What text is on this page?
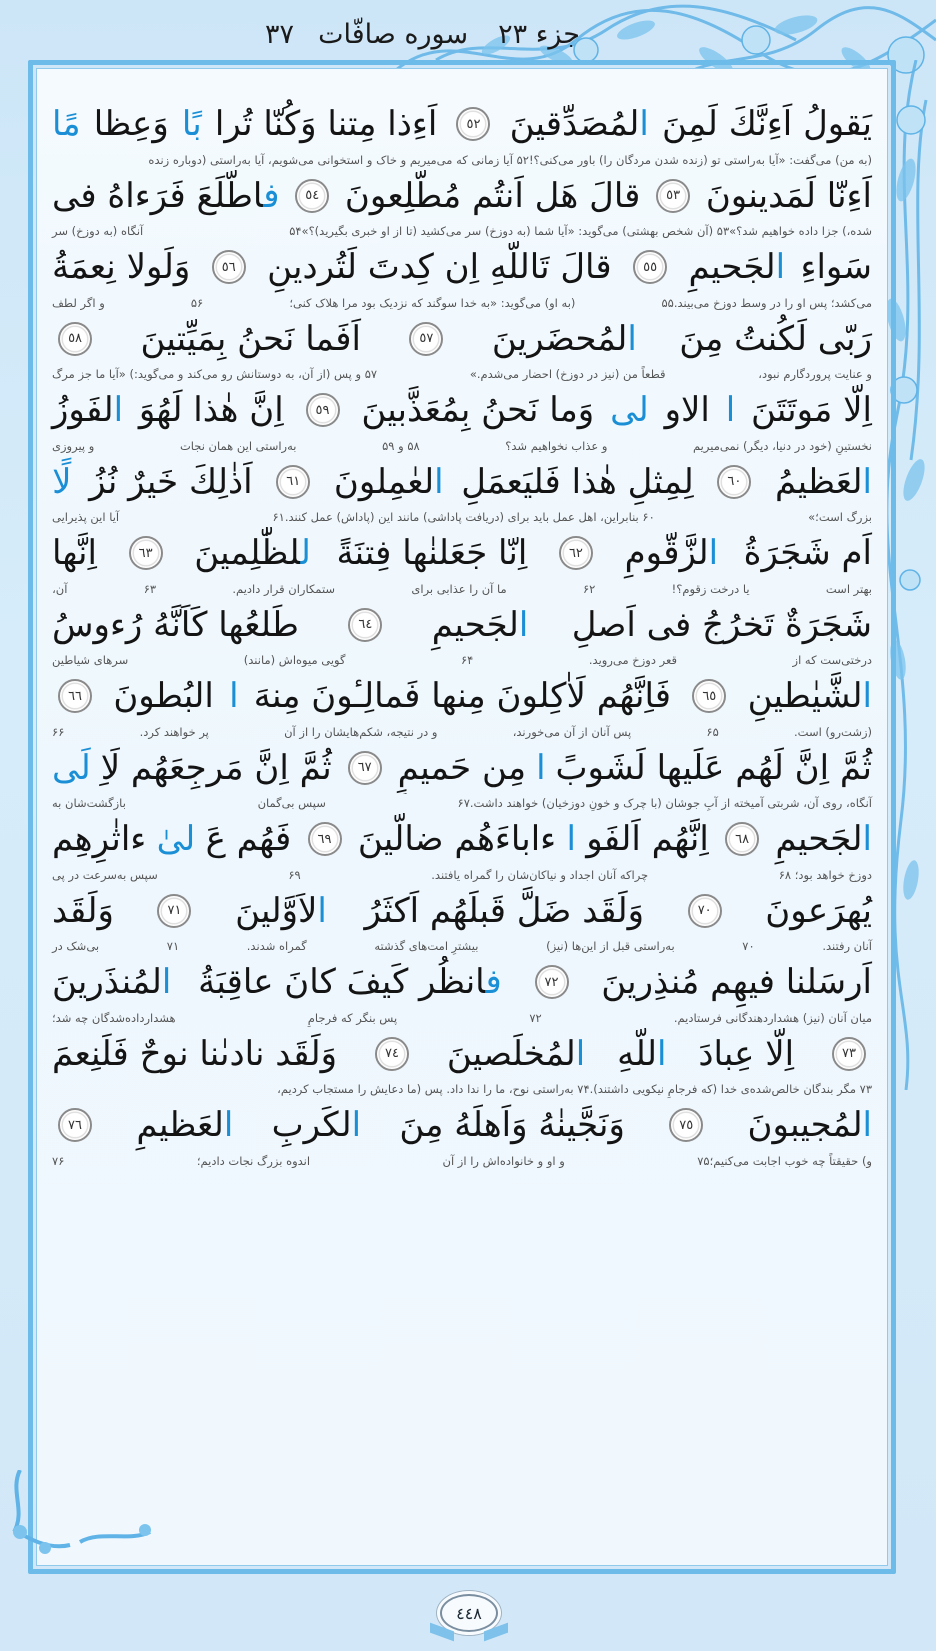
جزء ۲۳
سوره صافّات
۳۷
يَقولُ اَءِنَّكَ لَمِنَ
المُصَدِّقينَ
٥٢
اَءِذا مِتنا وَكُنّا تُرا
بًا
وَعِظا
مًا
(به من) می‌گفت: «آیا به‌راستی تو (زنده شدن مردگان را) باور می‌کنی؟!۵۲ آیا زمانی که می‌میریم و خاک و استخوانی می‌شویم، آیا به‌راستی (دوباره زنده
اَءِنّا لَمَدينونَ
٥٣
قالَ هَل اَنتُم مُطَّلِعونَ
٥٤
فاطَّلَعَ فَرَءاهُ فى
شده،) جزا داده خواهیم شد؟»۵۳ (آن شخص بهشتی) می‌گوید: «آیا شما (به دوزخ) سر می‌کشید (تا از او خبری بگیرید)؟»۵۴
آنگاه (به دوزخ) سر
سَواءِ
الجَحيمِ
٥٥
قالَ تَاللّهِ اِن كِدتَ لَتُردينِ
٥٦
وَلَولا نِعمَةُ
می‌کشد؛ پس او را در وسط دوزخ می‌بیند.۵۵
(به او) می‌گوید: «به خدا سوگند که نزدیک بود مرا هلاک کنی؛
۵۶
و اگر لطف
رَبّى لَكُنتُ مِنَ
المُحضَرينَ
٥٧
اَفَما نَحنُ بِمَيِّتينَ
٥٨
و عنایت پروردگارم نبود،
قطعاً من (نیز در دوزخ) احضار می‌شدم.»
۵۷ و پس (از آن، به دوستانش رو می‌کند و می‌گوید:) «آیا ما جز مرگ
اِلّا مَوتَتَنَ
ا
الاو
لى
وَما نَحنُ بِمُعَذَّبينَ
٥٩
اِنَّ هٰذا لَهُوَ
الفَوزُ
نخستینِ (خود در دنیا، دیگر) نمی‌میریم
و عذاب نخواهیم شد؟
۵۸ و ۵۹
به‌راستی این همان نجات
و پیروزی
العَظيمُ
٦٠
لِمِثلِ هٰذا فَليَعمَلِ
العٰمِلونَ
٦١
اَذٰلِكَ خَيرٌ نُزُ
لًا
بزرگ است؛»
۶۰ بنابراین، اهل عمل باید برای (دریافت پاداشی) مانند این (پاداش) عمل کنند.۶۱
آیا این پذیرایی
اَم شَجَرَةُ
الزَّقّومِ
٦٢
اِنّا جَعَلنٰها فِتنَةً
للظّٰلِمينَ
٦٣
اِنَّها
بهتر است
یا درخت زقوم؟!
۶۲
ما آن را عذابی برای
ستمکاران قرار دادیم.
۶۳
آن،
شَجَرَةٌ تَخرُجُ فى اَصلِ
الجَحيمِ
٦٤
طَلعُها كَاَنَّهُ رُءوسُ
درختی‌ست که از
قعر دوزخ می‌روید.
۶۴
گویی میوه‌اش (مانند)
سرهای شیاطین
الشَّيٰطينِ
٦٥
فَاِنَّهُم لَاٰكِلونَ مِنها فَمالِـٔونَ مِنهَ
ا
البُطونَ
٦٦
(زشت‌رو) است.
۶۵
پس آنان از آن می‌خورند،
و در نتیجه، شکم‌هایشان را از آن
پر خواهند کرد.
۶۶
ثُمَّ اِنَّ لَهُم عَلَيها لَشَوبً
ا
مِن حَميمٍ
٦٧
ثُمَّ اِنَّ مَرجِعَهُم لَاِ
لَى
آنگاه، روی آن، شربتی آمیخته از آبِ جوشان (با چرک و خونِ دوزخیان) خواهند داشت.۶۷
سپس بی‌گمان
بازگشت‌شان به
الجَحيمِ
٦٨
اِنَّهُم اَلفَو
ا
ءاباءَهُم ضالّينَ
٦٩
فَهُم عَ
لىٰ
ءاثٰرِهِم
دوزخ خواهد بود؛ ۶۸
چراکه آنان اجداد و نیاکان‌شان را گمراه یافتند.
۶۹
سپس به‌سرعت در پی
يُهرَعونَ
٧٠
وَلَقَد ضَلَّ قَبلَهُم اَكثَرُ
الاَوَّلينَ
٧١
وَلَقَد
آنان رفتند.
۷۰
به‌راستی قبل از این‌ها (نیز)
بیشترِ امت‌های گذشته
گمراه شدند.
۷۱
بی‌شک در
اَرسَلنا فيهِم مُنذِرينَ
٧٢
فانظُر كَيفَ كانَ عاقِبَةُ
المُنذَرينَ
میان آنان (نیز) هشداردهندگانی فرستادیم.
۷۲
پس بنگر که فرجامِ
هشدارداده‌شدگان چه شد؛
٧٣
اِلّا عِبادَ
اللّهِ
المُخلَصينَ
٧٤
وَلَقَد نادىٰنا نوحٌ فَلَنِعمَ
۷۳ مگر بندگان خالص‌شده‌ی خدا (که فرجامِ نیکویی داشتند).۷۴ به‌راستی نوح، ما را ندا داد. پس (ما دعایش را مستجاب کردیم،
المُجيبونَ
٧٥
وَنَجَّينٰهُ وَاَهلَهُ مِنَ
الكَربِ
العَظيمِ
٧٦
و) حقیقتاً چه خوب اجابت می‌کنیم؛۷۵
و او و خانواده‌اش را از آن
اندوه بزرگ نجات دادیم؛
۷۶
٤٤٨
